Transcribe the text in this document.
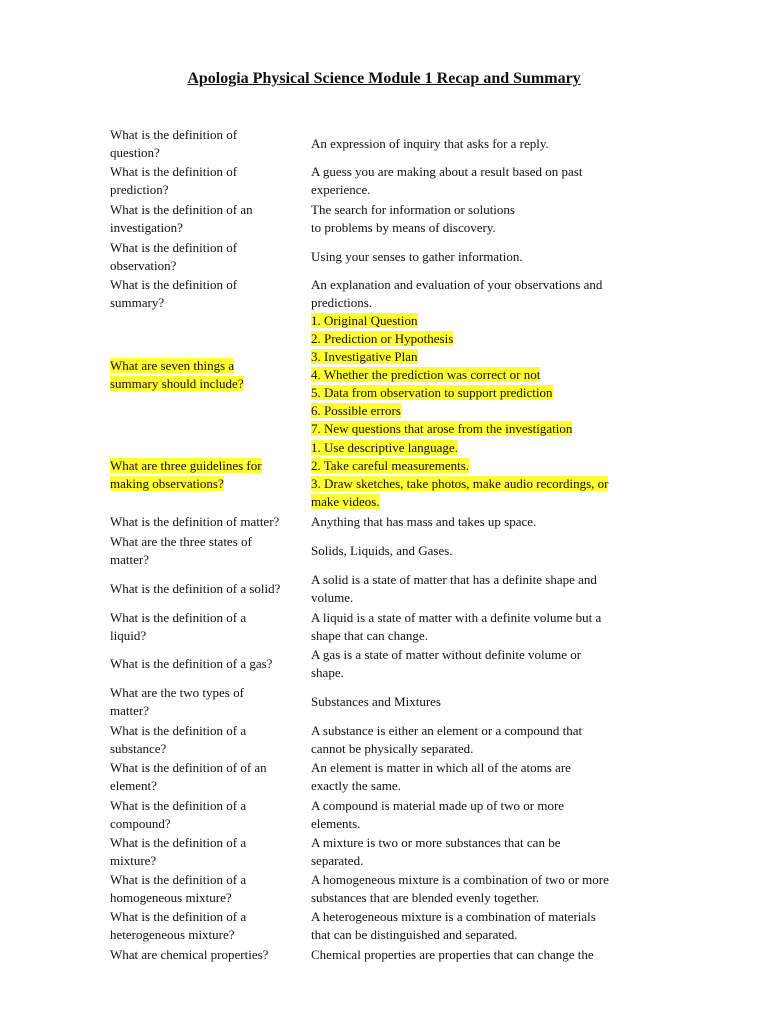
Apologia Physical Science Module 1 Recap and Summary
What is the definition of
question?
An expression of inquiry that asks for a reply.
What is the definition of
prediction?
A guess you are making about a result based on past
experience.
What is the definition of an
investigation?
The search for information or solutions
to problems by means of discovery.
What is the definition of
observation?
Using your senses to gather information.
What is the definition of
summary?
An explanation and evaluation of your observations and
predictions.
What are seven things a
summary should include?
1. Original Question
2. Prediction or Hypothesis
3. Investigative Plan
4. Whether the prediction was correct or not
5. Data from observation to support prediction
6. Possible errors
7. New questions that arose from the investigation
What are three guidelines for
making observations?
1. Use descriptive language.
2. Take careful measurements.
3. Draw sketches, take photos, make audio recordings, or
make videos.
What is the definition of matter?	Anything that has mass and takes up space.
What are the three states of
matter?
Solids, Liquids, and Gases.
What is the definition of a solid?
A solid is a state of matter that has a definite shape and
volume.
What is the definition of a
liquid?
A liquid is a state of matter with a definite volume but a
shape that can change.
What is the definition of a gas?
A gas is a state of matter without definite volume or
shape.
What are the two types of
matter?
Substances and Mixtures
What is the definition of a
substance?
A substance is either an element or a compound that
cannot be physically separated.
What is the definition of of an
element?
An element is matter in which all of the atoms are
exactly the same.
What is the definition of a
compound?
A compound is material made up of two or more
elements.
What is the definition of a
mixture?
A mixture is two or more substances that can be
separated.
What is the definition of a
homogeneous mixture?
A homogeneous mixture is a combination of two or more
substances that are blended evenly together.
What is the definition of a
heterogeneous mixture?
A heterogeneous mixture is a combination of materials
that can be distinguished and separated.
What are chemical properties?	Chemical properties are properties that can change the
